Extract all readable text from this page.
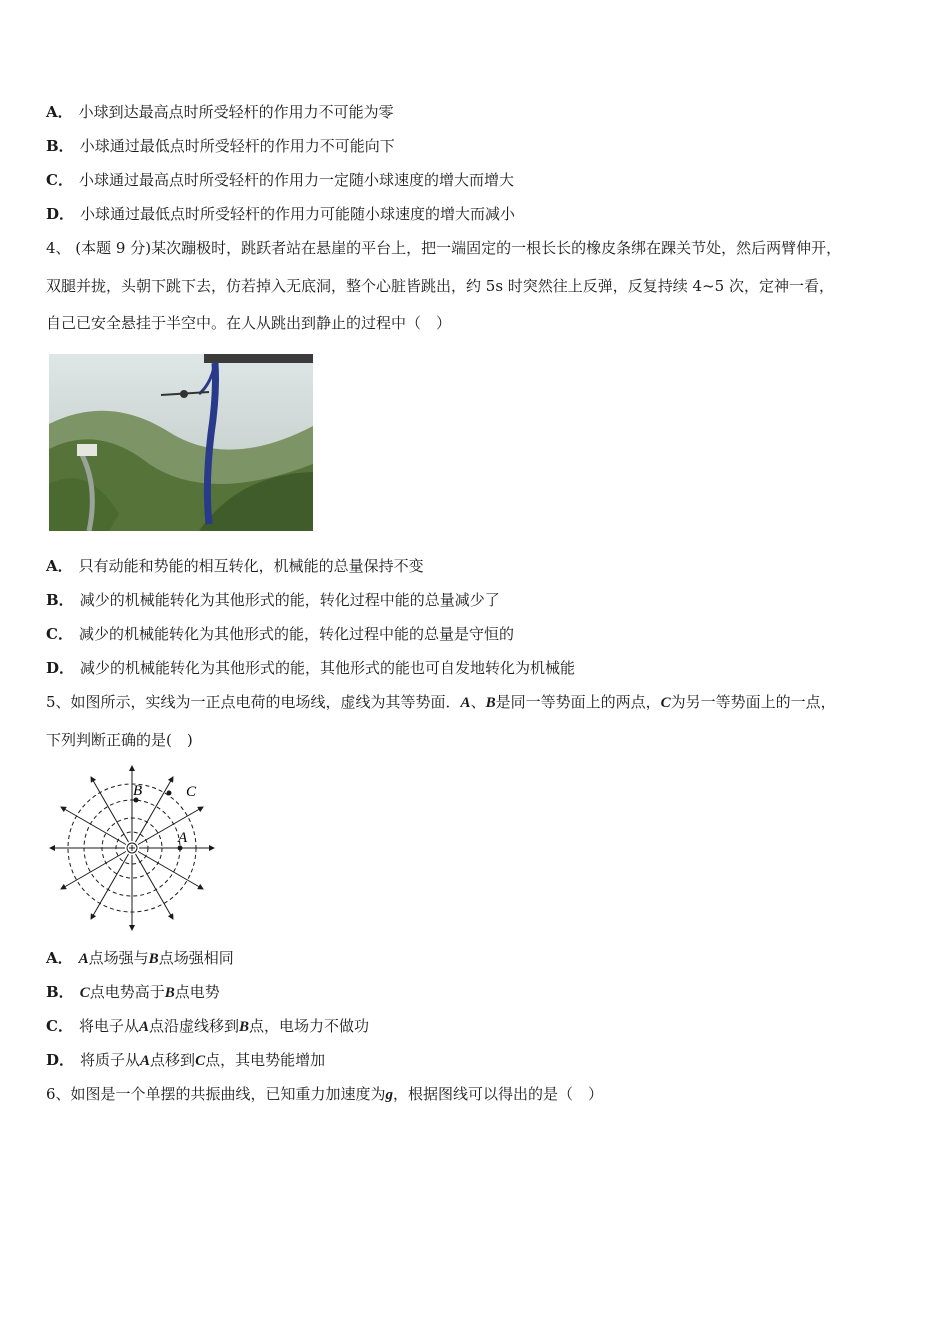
A． 小球到达最高点时所受轻杆的作用力不可能为零
B． 小球通过最低点时所受轻杆的作用力不可能向下
C． 小球通过最高点时所受轻杆的作用力一定随小球速度的增大而增大
D． 小球通过最低点时所受轻杆的作用力可能随小球速度的增大而减小
4、 (本题 9 分)某次蹦极时，跳跃者站在悬崖的平台上，把一端固定的一根长长的橡皮条绑在踝关节处，然后两臂伸开，
双腿并拢，头朝下跳下去，仿若掉入无底洞，整个心脏皆跳出，约 5s 时突然往上反弹，反复持续 4~5 次，定神一看，
自己已安全悬挂于半空中。在人从跳出到静止的过程中（　）
A． 只有动能和势能的相互转化，机械能的总量保持不变
B． 减少的机械能转化为其他形式的能，转化过程中能的总量减少了
C． 减少的机械能转化为其他形式的能，转化过程中能的总量是守恒的
D． 减少的机械能转化为其他形式的能，其他形式的能也可自发地转化为机械能
5、如图所示，实线为一正点电荷的电场线，虚线为其等势面．A、B是同一等势面上的两点，C为另一等势面上的一点，
下列判断正确的是(　)
B	C
A
A． A点场强与B点场强相同
B． C点电势高于B点电势
C． 将电子从A点沿虚线移到B点，电场力不做功
D． 将质子从A点移到C点，其电势能增加
6、如图是一个单摆的共振曲线，已知重力加速度为g，根据图线可以得出的是（　）
